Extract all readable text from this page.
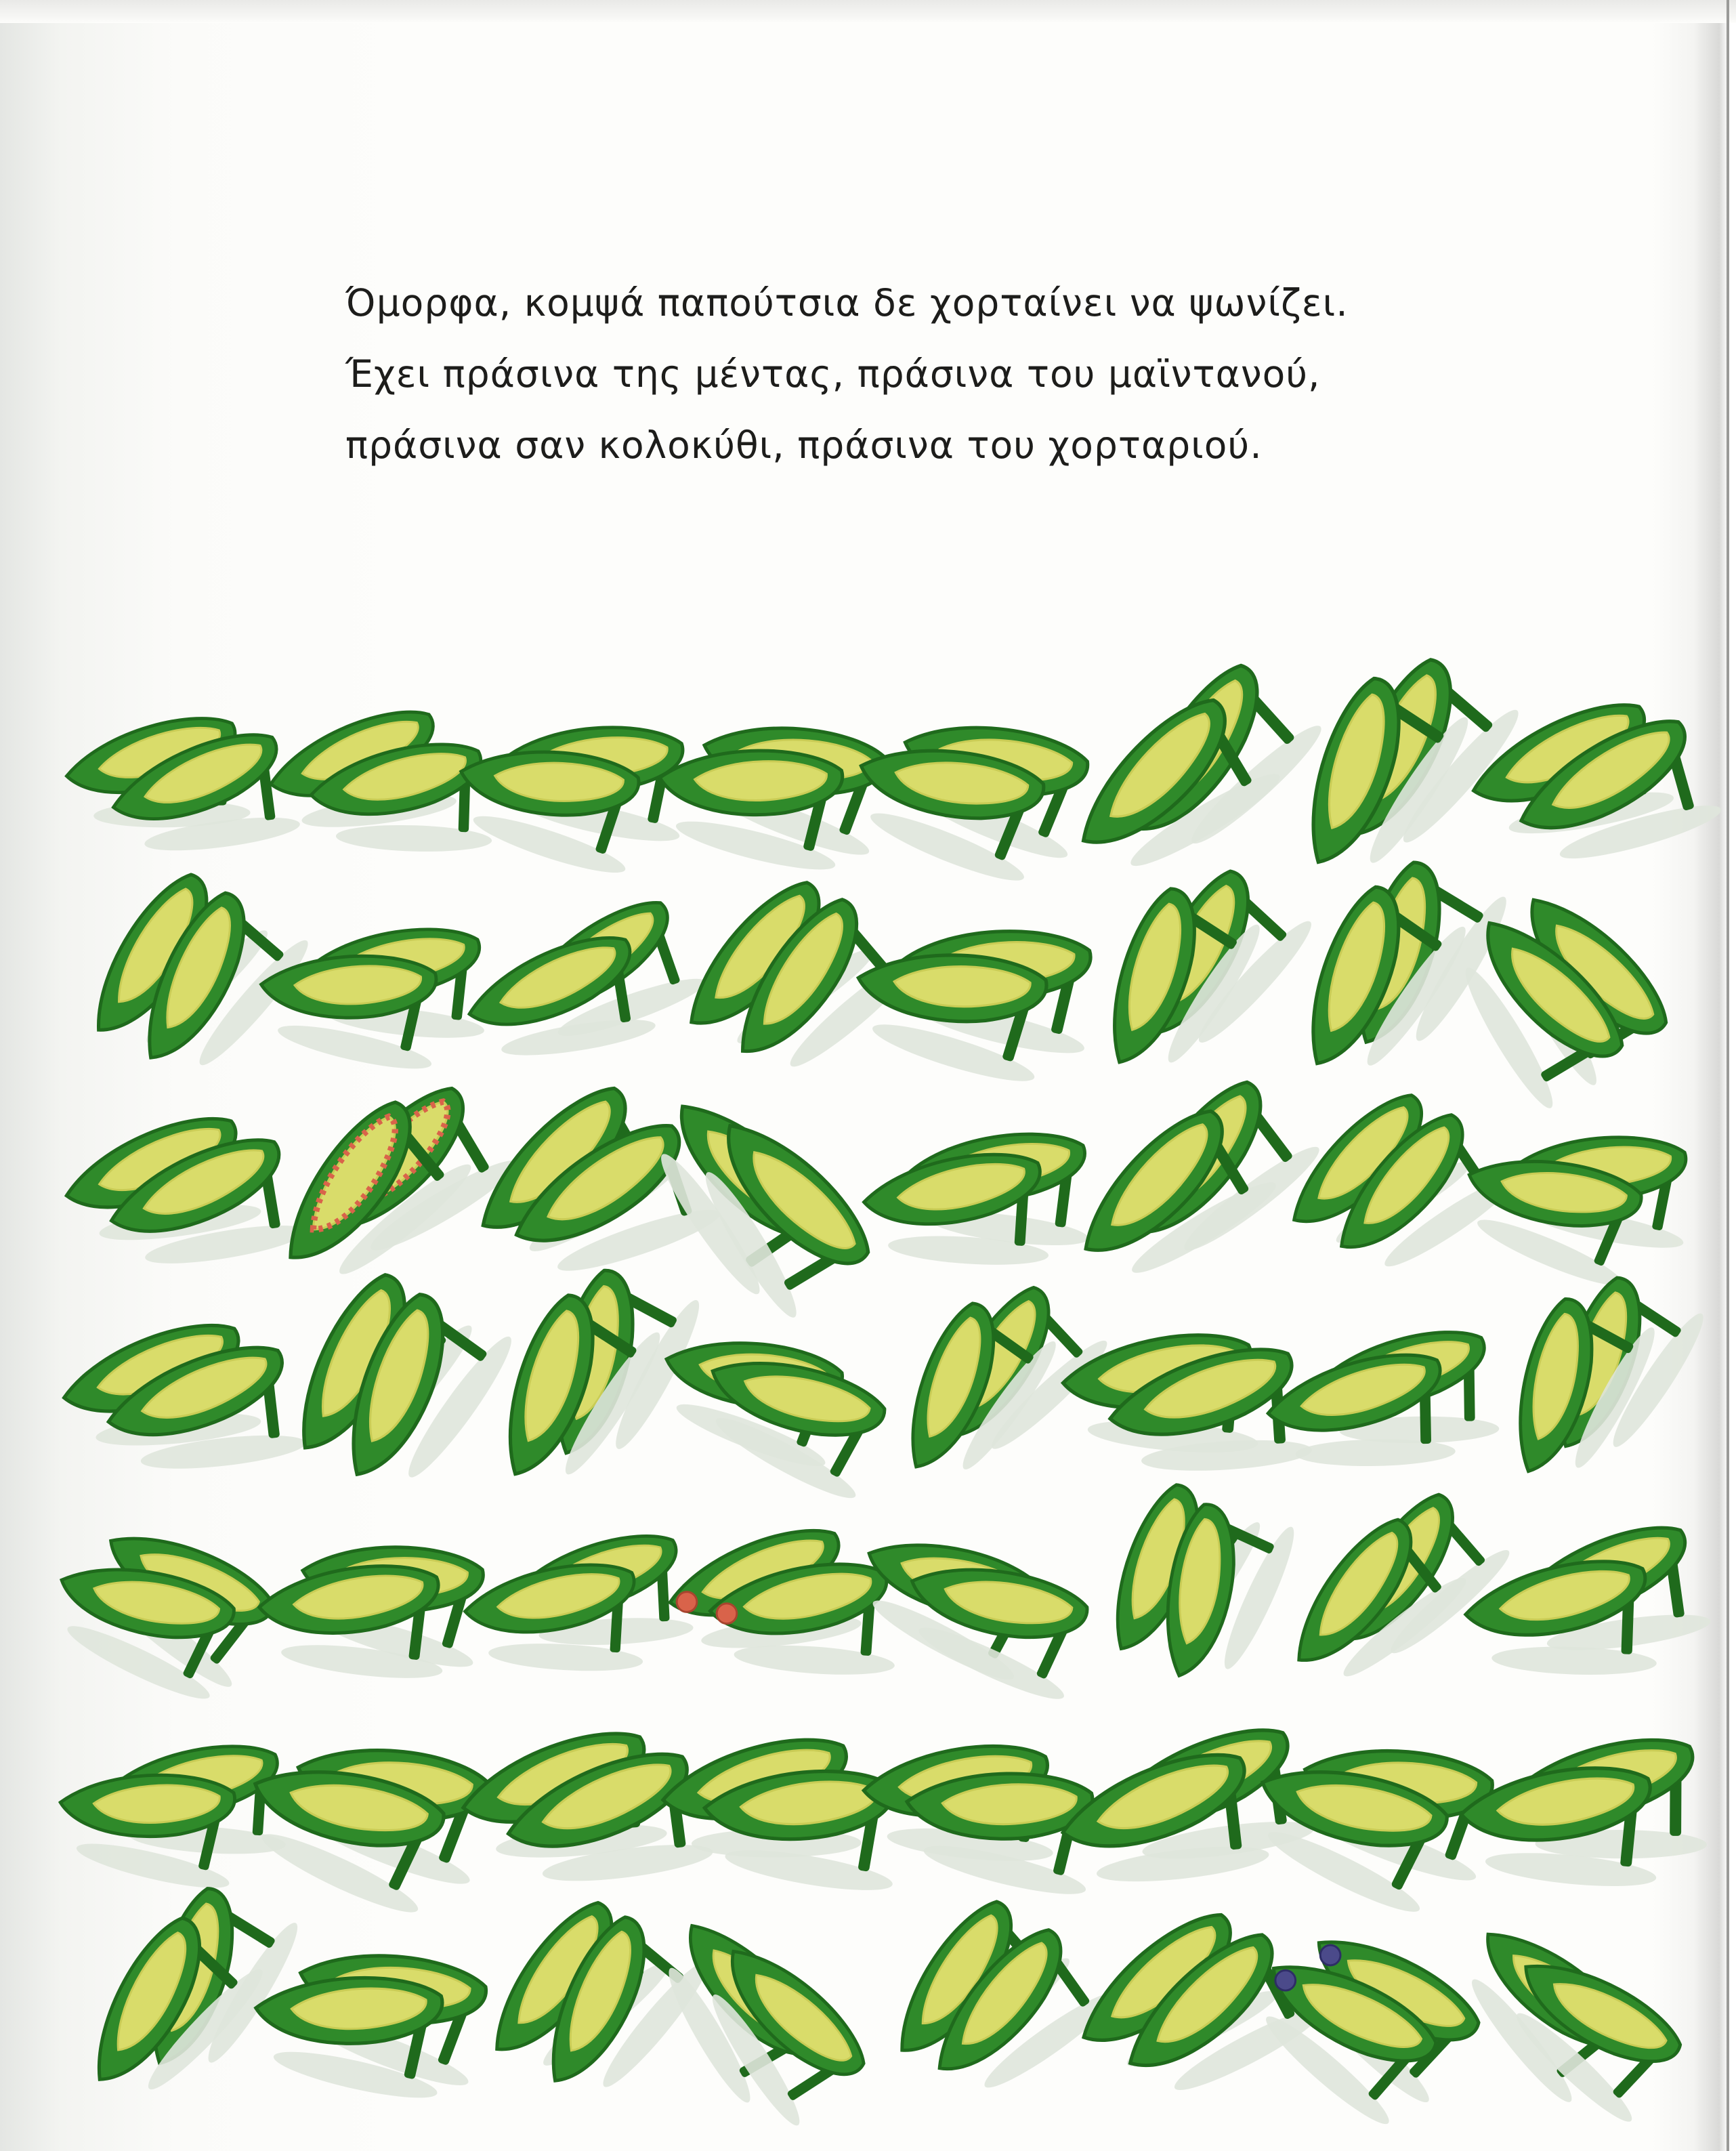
Όμορφα, κομψά παπούτσια δε χορταίνει να ψωνίζει.
Έχει πράσινα της μέντας, πράσινα του μαϊντανού,
πράσινα σαν κολοκύθι, πράσινα του χορταριού.
